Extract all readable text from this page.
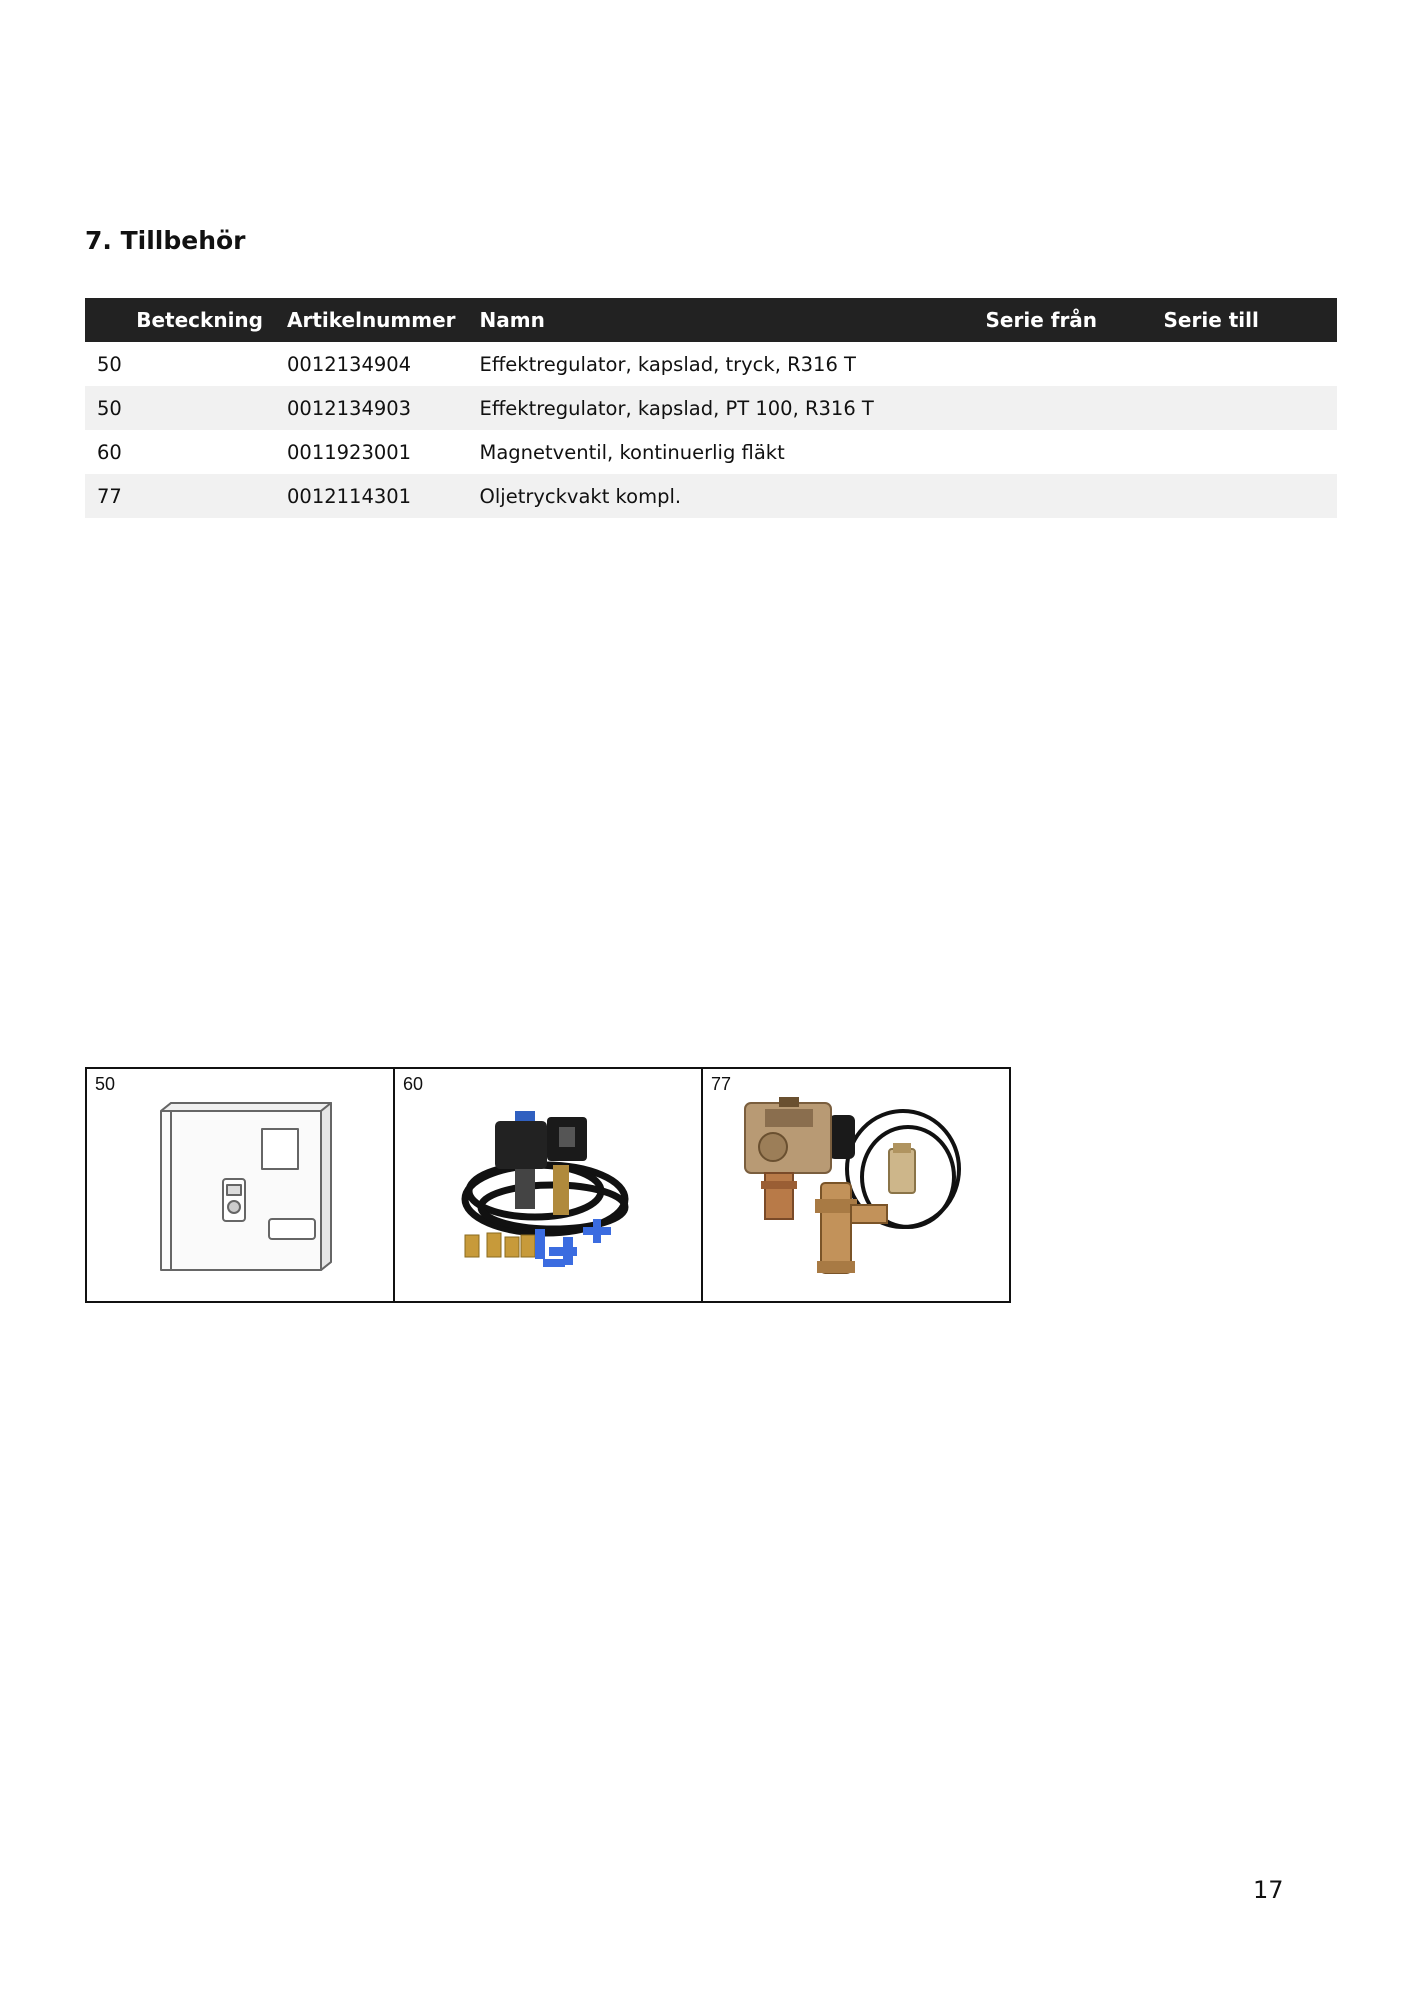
7. Tillbehör
Beteckning	Artikelnummer	Namn	Serie från	Serie till
50	0012134904	Effektregulator, kapslad, tryck, R316 T		
50	0012134903	Effektregulator, kapslad, PT 100, R316 T		
60	0011923001	Magnetventil, kontinuerlig fläkt		
77	0012114301	Oljetryckvakt kompl.		
50	60	77
17
